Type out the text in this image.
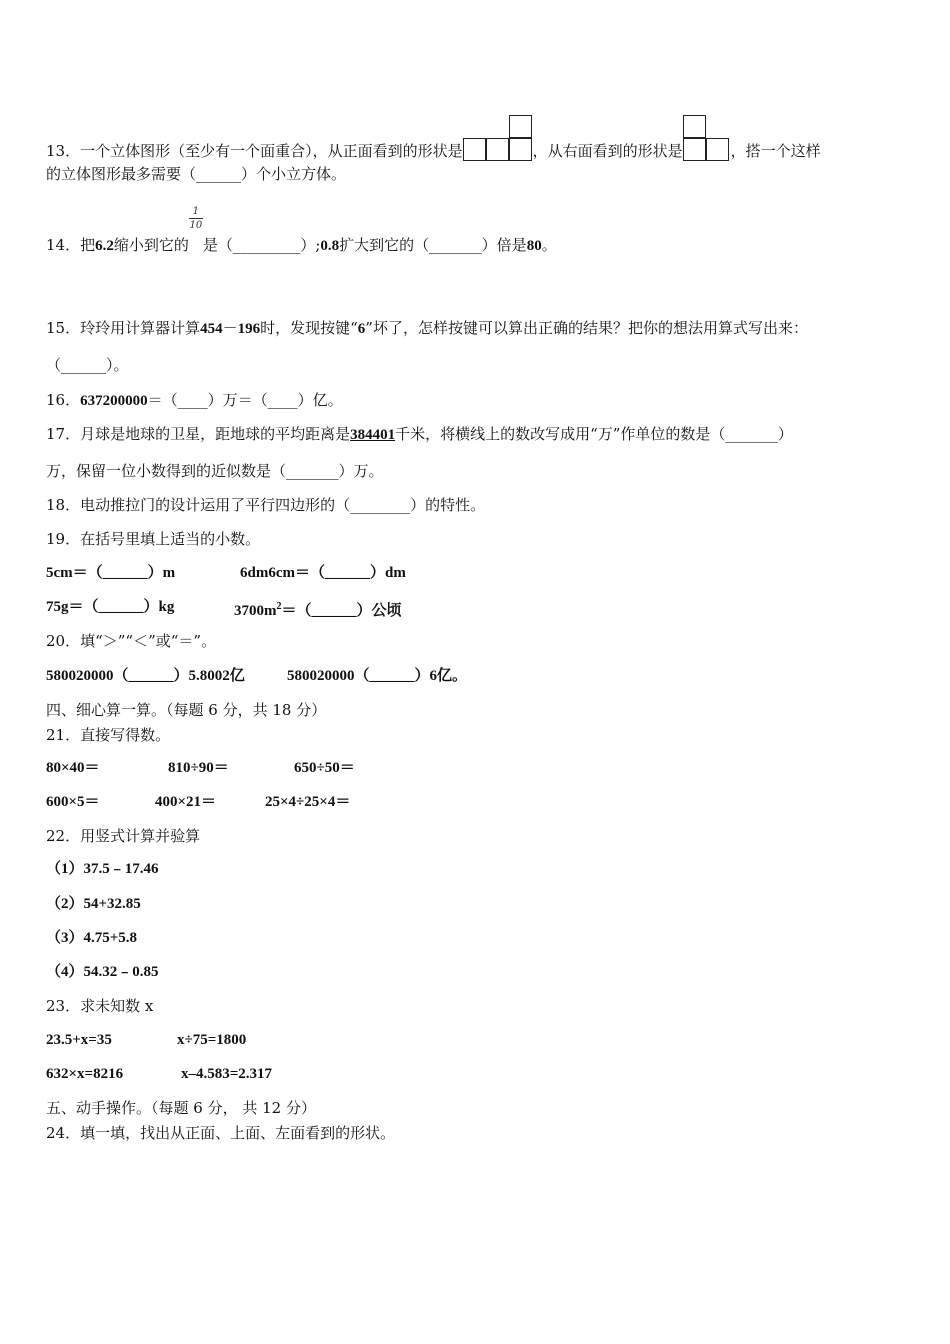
13．一个立体图形（至少有一个面重合），从正面看到的形状是	，从右面看到的形状是	，搭一个这样
的立体图形最多需要（______）个小立方体。
14．把6.2缩小到它的
1
10
是（_________）;0.8扩大到它的（_______）倍是80。
15．玲玲用计算器计算454－196时，发现按键“6”坏了，怎样按键可以算出正确的结果？把你的想法用算式写出来：
（______）。
16．637200000＝（____）万＝（____）亿。
17．月球是地球的卫星，距地球的平均距离是384401千米，将横线上的数改写成用“万”作单位的数是（_______）
万，保留一位小数得到的近似数是（_______）万。
18．电动推拉门的设计运用了平行四边形的（________）的特性。
19．在括号里填上适当的小数。
5cm＝（______）m	6dm6cm＝（______）dm
75g＝（______）kg	$3700m^2=(\_\_\_\_\_\_)$公顷
20．填“＞”“＜”或“＝”。
580020000（______）5.8002亿	580020000（______）6亿。
四、细心算一算。（每题 6 分，共 18 分）
21．直接写得数。
80×40＝	810÷90＝	650÷50＝
600×5＝	400×21＝	25×4÷25×4＝
22．用竖式计算并验算
（1）37.5﹣17.46
（2）54+32.85
（3）4.75+5.8
（4）54.32﹣0.85
23．求未知数 x
23.5+x=35	x÷75=1800
632×x=8216	x–4.583=2.317
五、动手操作。（每题 6 分， 共 12 分）
24．填一填，找出从正面、上面、左面看到的形状。
